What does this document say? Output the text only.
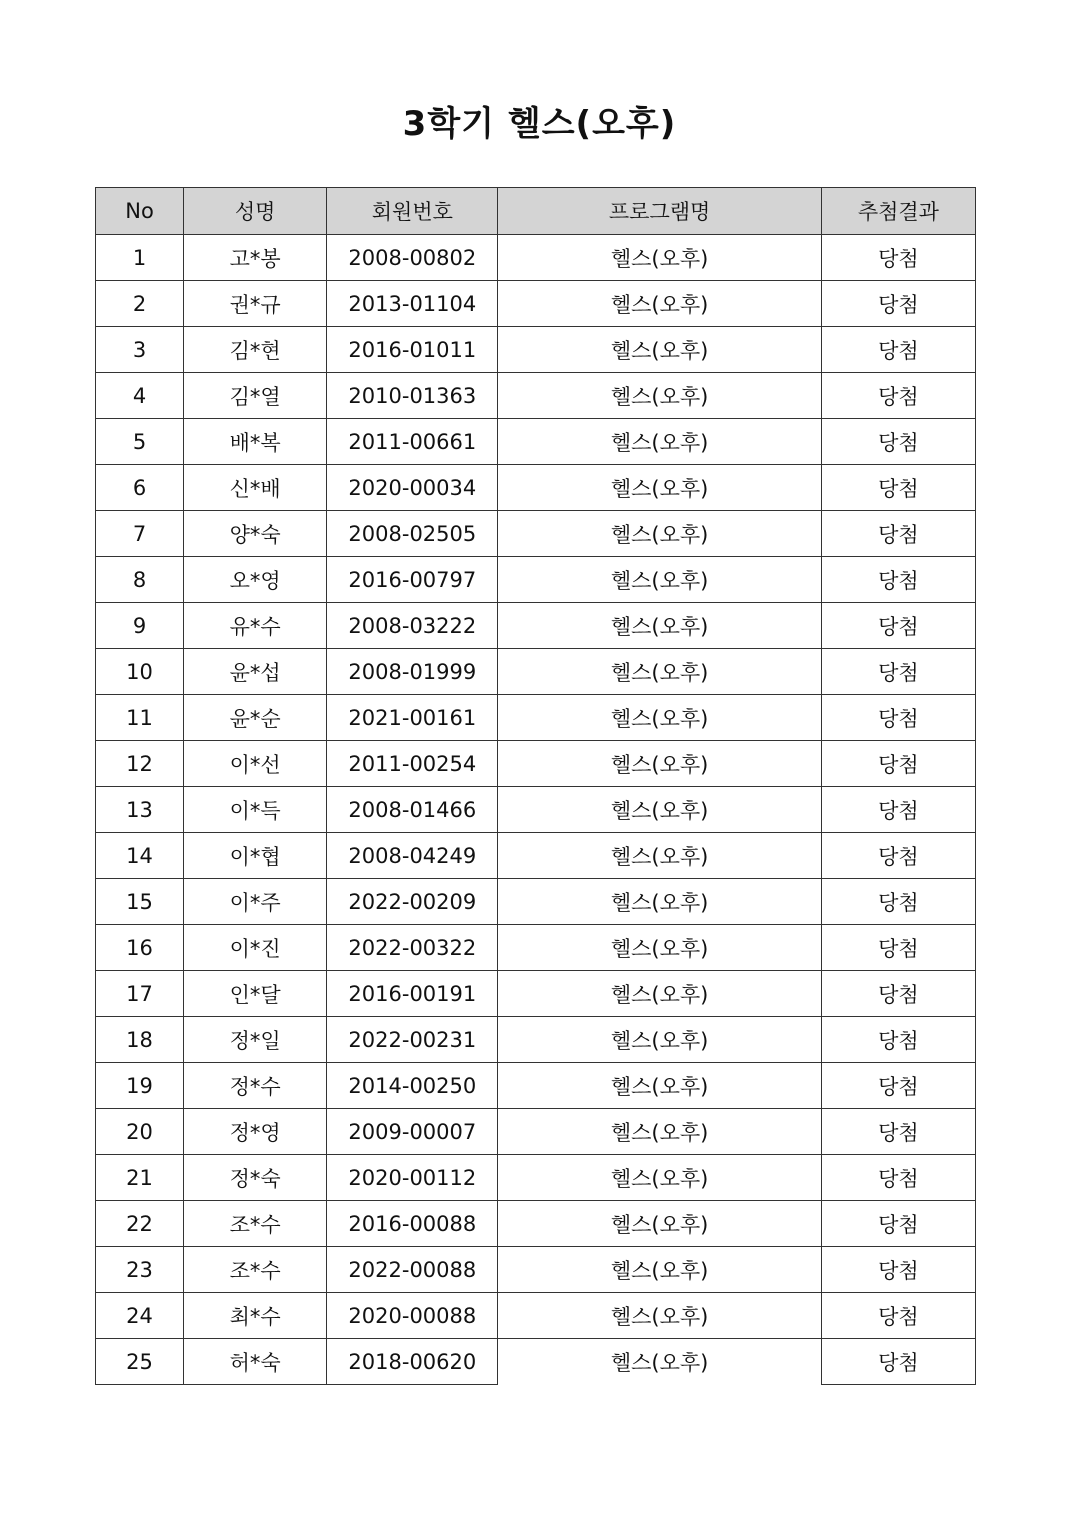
3학기 헬스(오후)
No	성명	회원번호	프로그램명	추첨결과
1	고*봉	2008-00802	헬스(오후)	당첨
2	권*규	2013-01104	헬스(오후)	당첨
3	김*현	2016-01011	헬스(오후)	당첨
4	김*열	2010-01363	헬스(오후)	당첨
5	배*복	2011-00661	헬스(오후)	당첨
6	신*배	2020-00034	헬스(오후)	당첨
7	양*숙	2008-02505	헬스(오후)	당첨
8	오*영	2016-00797	헬스(오후)	당첨
9	유*수	2008-03222	헬스(오후)	당첨
10	윤*섭	2008-01999	헬스(오후)	당첨
11	윤*순	2021-00161	헬스(오후)	당첨
12	이*선	2011-00254	헬스(오후)	당첨
13	이*득	2008-01466	헬스(오후)	당첨
14	이*협	2008-04249	헬스(오후)	당첨
15	이*주	2022-00209	헬스(오후)	당첨
16	이*진	2022-00322	헬스(오후)	당첨
17	인*달	2016-00191	헬스(오후)	당첨
18	정*일	2022-00231	헬스(오후)	당첨
19	정*수	2014-00250	헬스(오후)	당첨
20	정*영	2009-00007	헬스(오후)	당첨
21	정*숙	2020-00112	헬스(오후)	당첨
22	조*수	2016-00088	헬스(오후)	당첨
23	조*수	2022-00088	헬스(오후)	당첨
24	최*수	2020-00088	헬스(오후)	당첨
25	허*숙	2018-00620	헬스(오후)	당첨
